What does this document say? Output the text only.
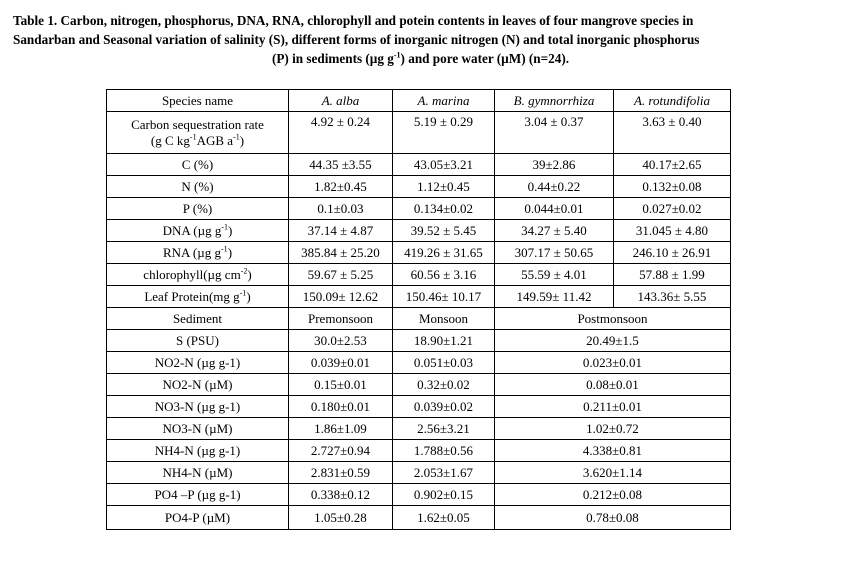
Table 1. Carbon, nitrogen, phosphorus, DNA, RNA, chlorophyll and potein contents in leaves of four mangrove species in
Sandarban and Seasonal variation of salinity (S), different forms of inorganic nitrogen (N) and total inorganic phosphorus
(P) in sediments (µg $g^{-1}$) and pore water (µM) (n=24).
Species name	A. alba	A. marina	B. gymnorrhiza	A. rotundifolia

Carbon sequestration rate
(g C $kg^{-1}AGB$ $a^{-1}$)	4.92 ± 0.24	5.19 ± 0.29	3.04 ± 0.37	3.63 ± 0.40
C (%)	44.35 ±3.55	43.05±3.21	39±2.86	40.17±2.65
N (%)	1.82±0.45	1.12±0.45	0.44±0.22	0.132±0.08
P (%)	0.1±0.03	0.134±0.02	0.044±0.01	0.027±0.02
DNA (µg $g^{-1}$)	37.14 ± 4.87	39.52 ± 5.45	34.27 ± 5.40	31.045 ± 4.80
RNA (µg $g^{-1}$)	385.84 ± 25.20	419.26 ± 31.65	307.17 ± 50.65	246.10 ± 26.91
chlorophyll(µg $cm^{-2}$)	59.67 ± 5.25	60.56 ± 3.16	55.59 ± 4.01	57.88 ± 1.99
Leaf Protein(mg $g^{-1}$)	150.09± 12.62	150.46± 10.17	149.59± 11.42	143.36± 5.55
Sediment	Premonsoon	Monsoon	Postmonsoon	
S (PSU)	30.0±2.53	18.90±1.21	20.49±1.5	
NO2-N (µg g-1)	0.039±0.01	0.051±0.03	0.023±0.01	
NO2-N (µM)	0.15±0.01	0.32±0.02	0.08±0.01	
NO3-N (µg g-1)	0.180±0.01	0.039±0.02	0.211±0.01	
NO3-N (µM)	1.86±1.09	2.56±3.21	1.02±0.72	
NH4-N (µg g-1)	2.727±0.94	1.788±0.56	4.338±0.81	
NH4-N (µM)	2.831±0.59	2.053±1.67	3.620±1.14	
PO4 –P (µg g-1)	0.338±0.12	0.902±0.15	0.212±0.08	
PO4-P (µM)	1.05±0.28	1.62±0.05	0.78±0.08	
